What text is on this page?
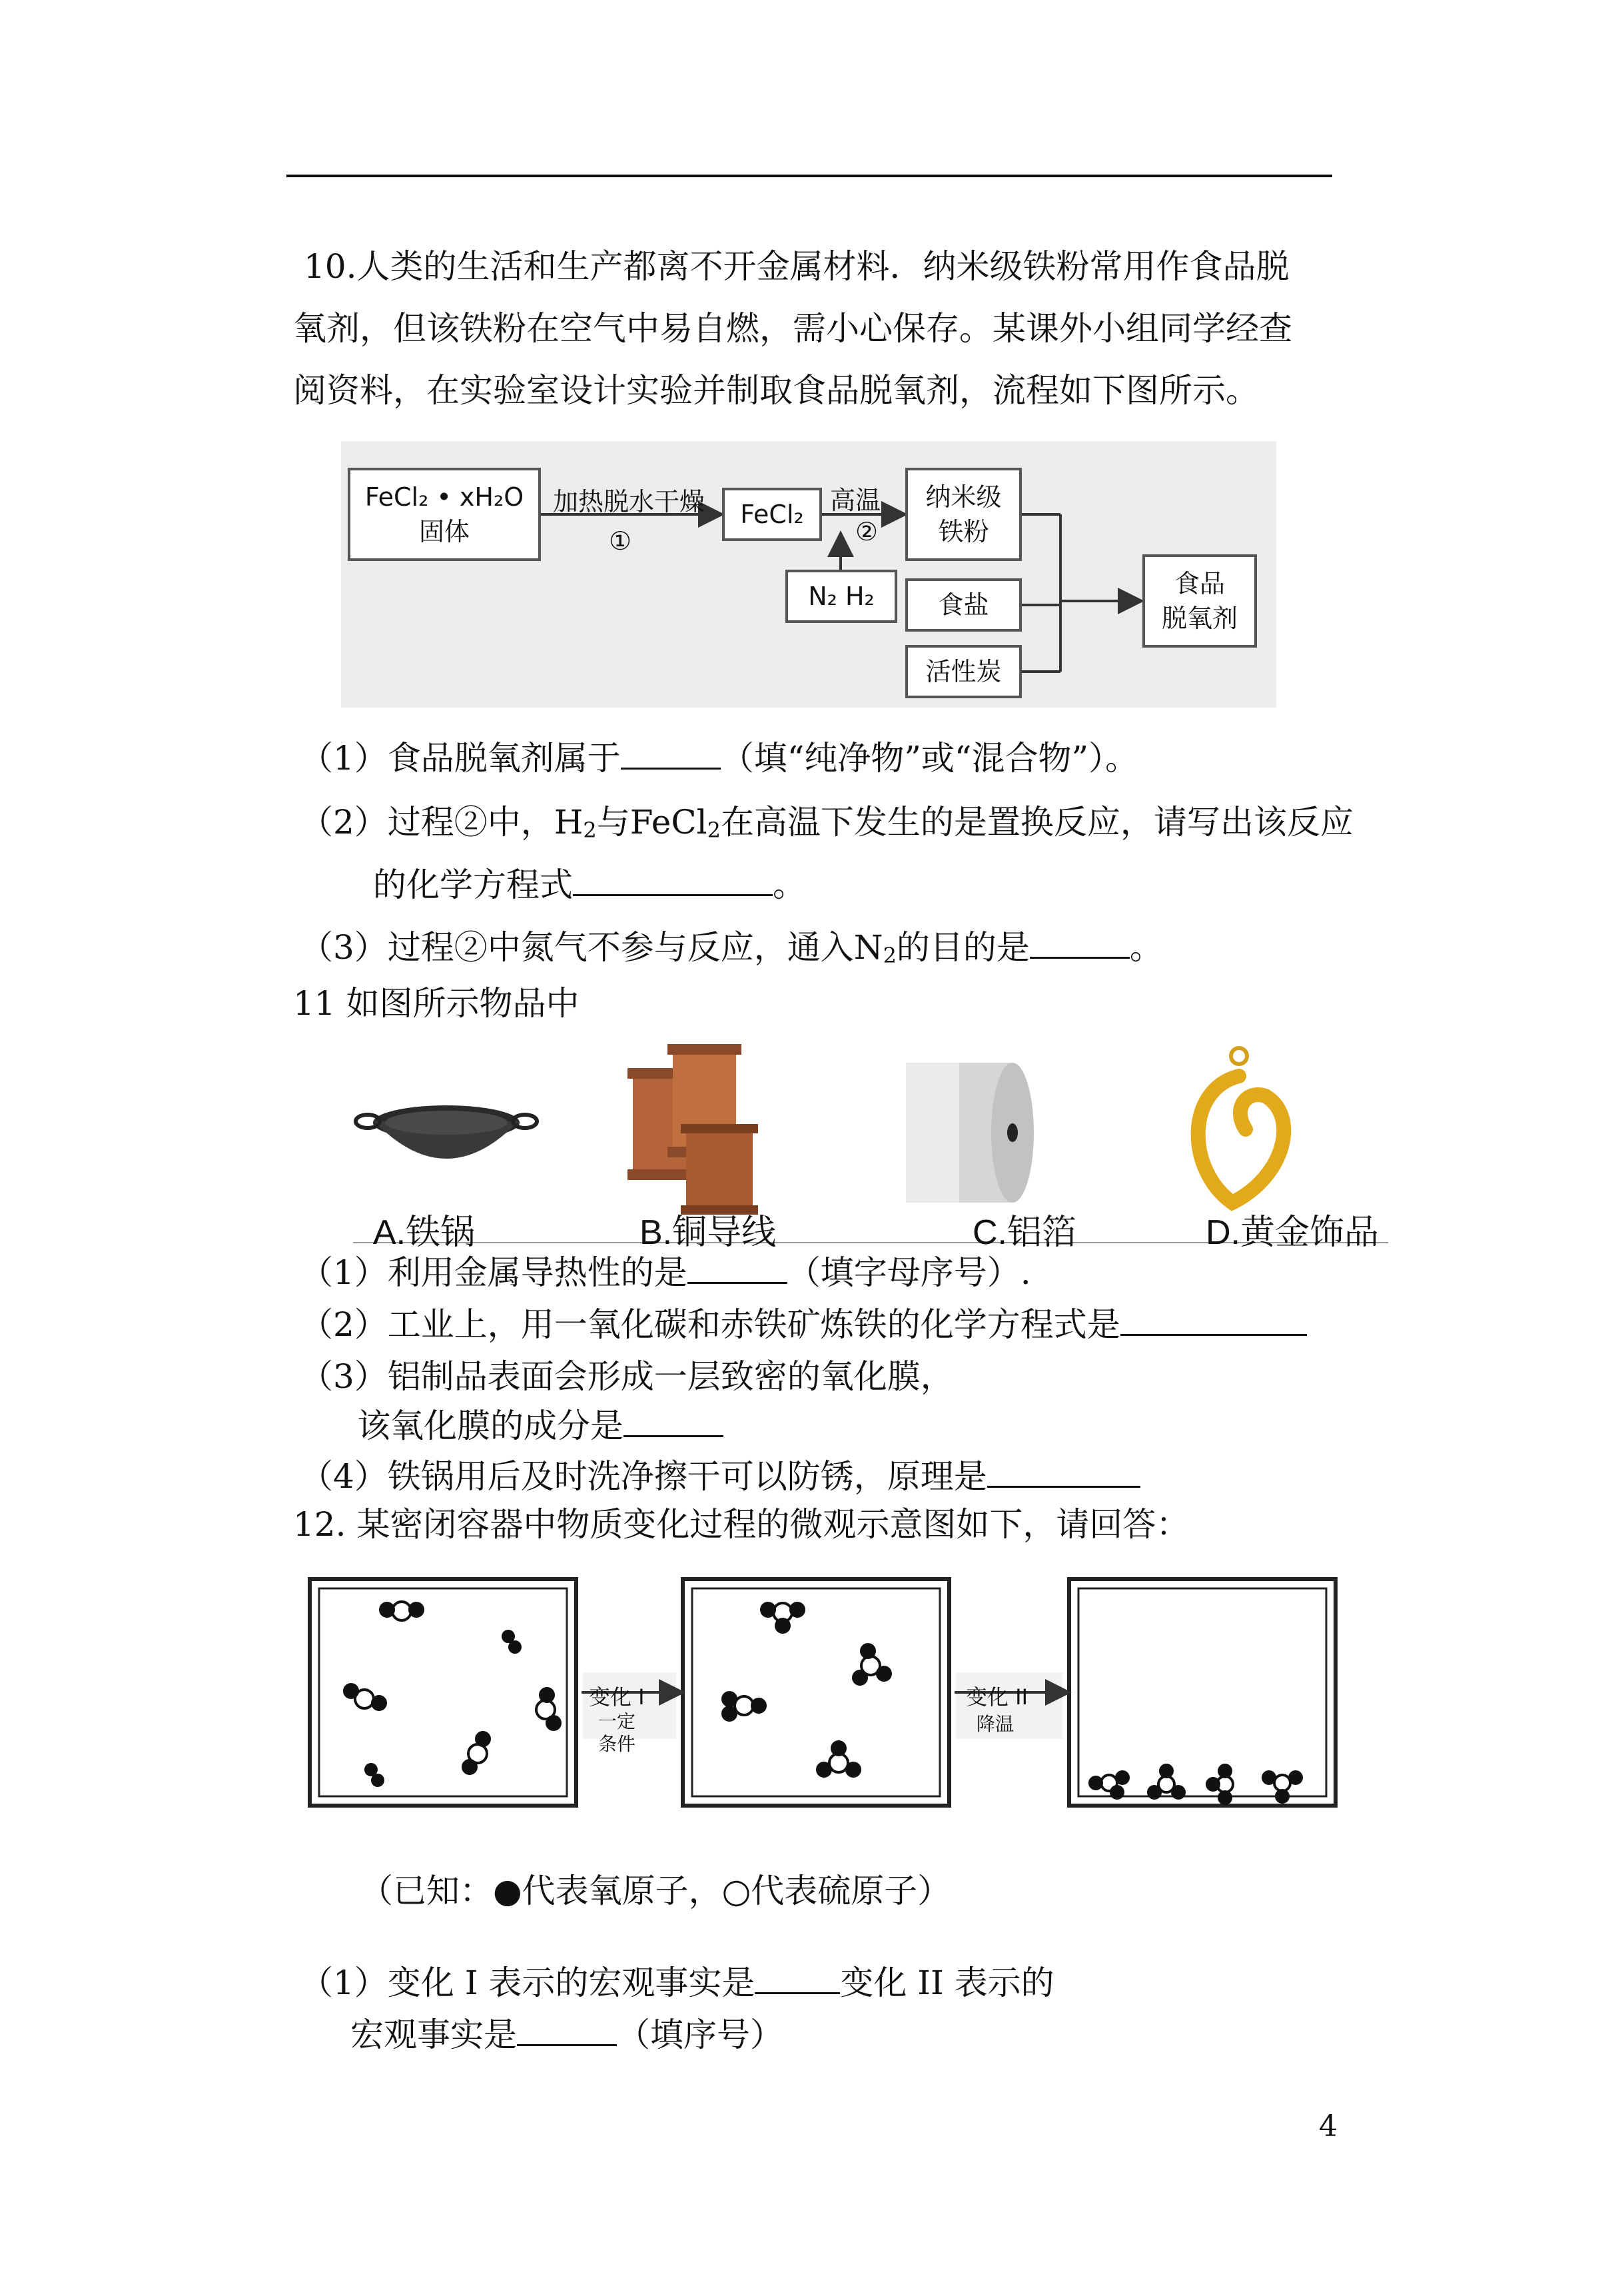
10.人类的生活和生产都离不开金属材料．纳米级铁粉常用作食品脱
氧剂，但该铁粉在空气中易自燃，需小心保存。某课外小组同学经查
阅资料，在实验室设计实验并制取食品脱氧剂，流程如下图所示。
FeCl₂ • xH₂O
固体
加热脱水干燥
①
FeCl₂	高温
②
纳米级
铁粉
N₂ H₂	食盐
活性炭
食品
脱氧剂
（1）食品脱氧剂属于	（填“纯净物”或“混合物”）。
（2）过程②中，$H_2$与FeCl$_2$在高温下发生的是置换反应，请写出该反应
的化学方程式	。
（3）过程②中氮气不参与反应，通入$N_2$的目的是	。
11 如图所示物品中
A.铁锅	B.铜导线	C.铝箔	D.黄金饰品
（1）利用金属导热性的是	（填字母序号）.
（2）工业上，用一氧化碳和赤铁矿炼铁的化学方程式是
（3）铝制品表面会形成一层致密的氧化膜，
该氧化膜的成分是
（4）铁锅用后及时洗净擦干可以防锈，原理是
12. 某密闭容器中物质变化过程的微观示意图如下，请回答：
变化 I
一定
条件
变化 II
降温
（已知：●代表氧原子，○代表硫原子）
（1）变化 I 表示的宏观事实是	变化 II 表示的
宏观事实是	（填序号）
4
